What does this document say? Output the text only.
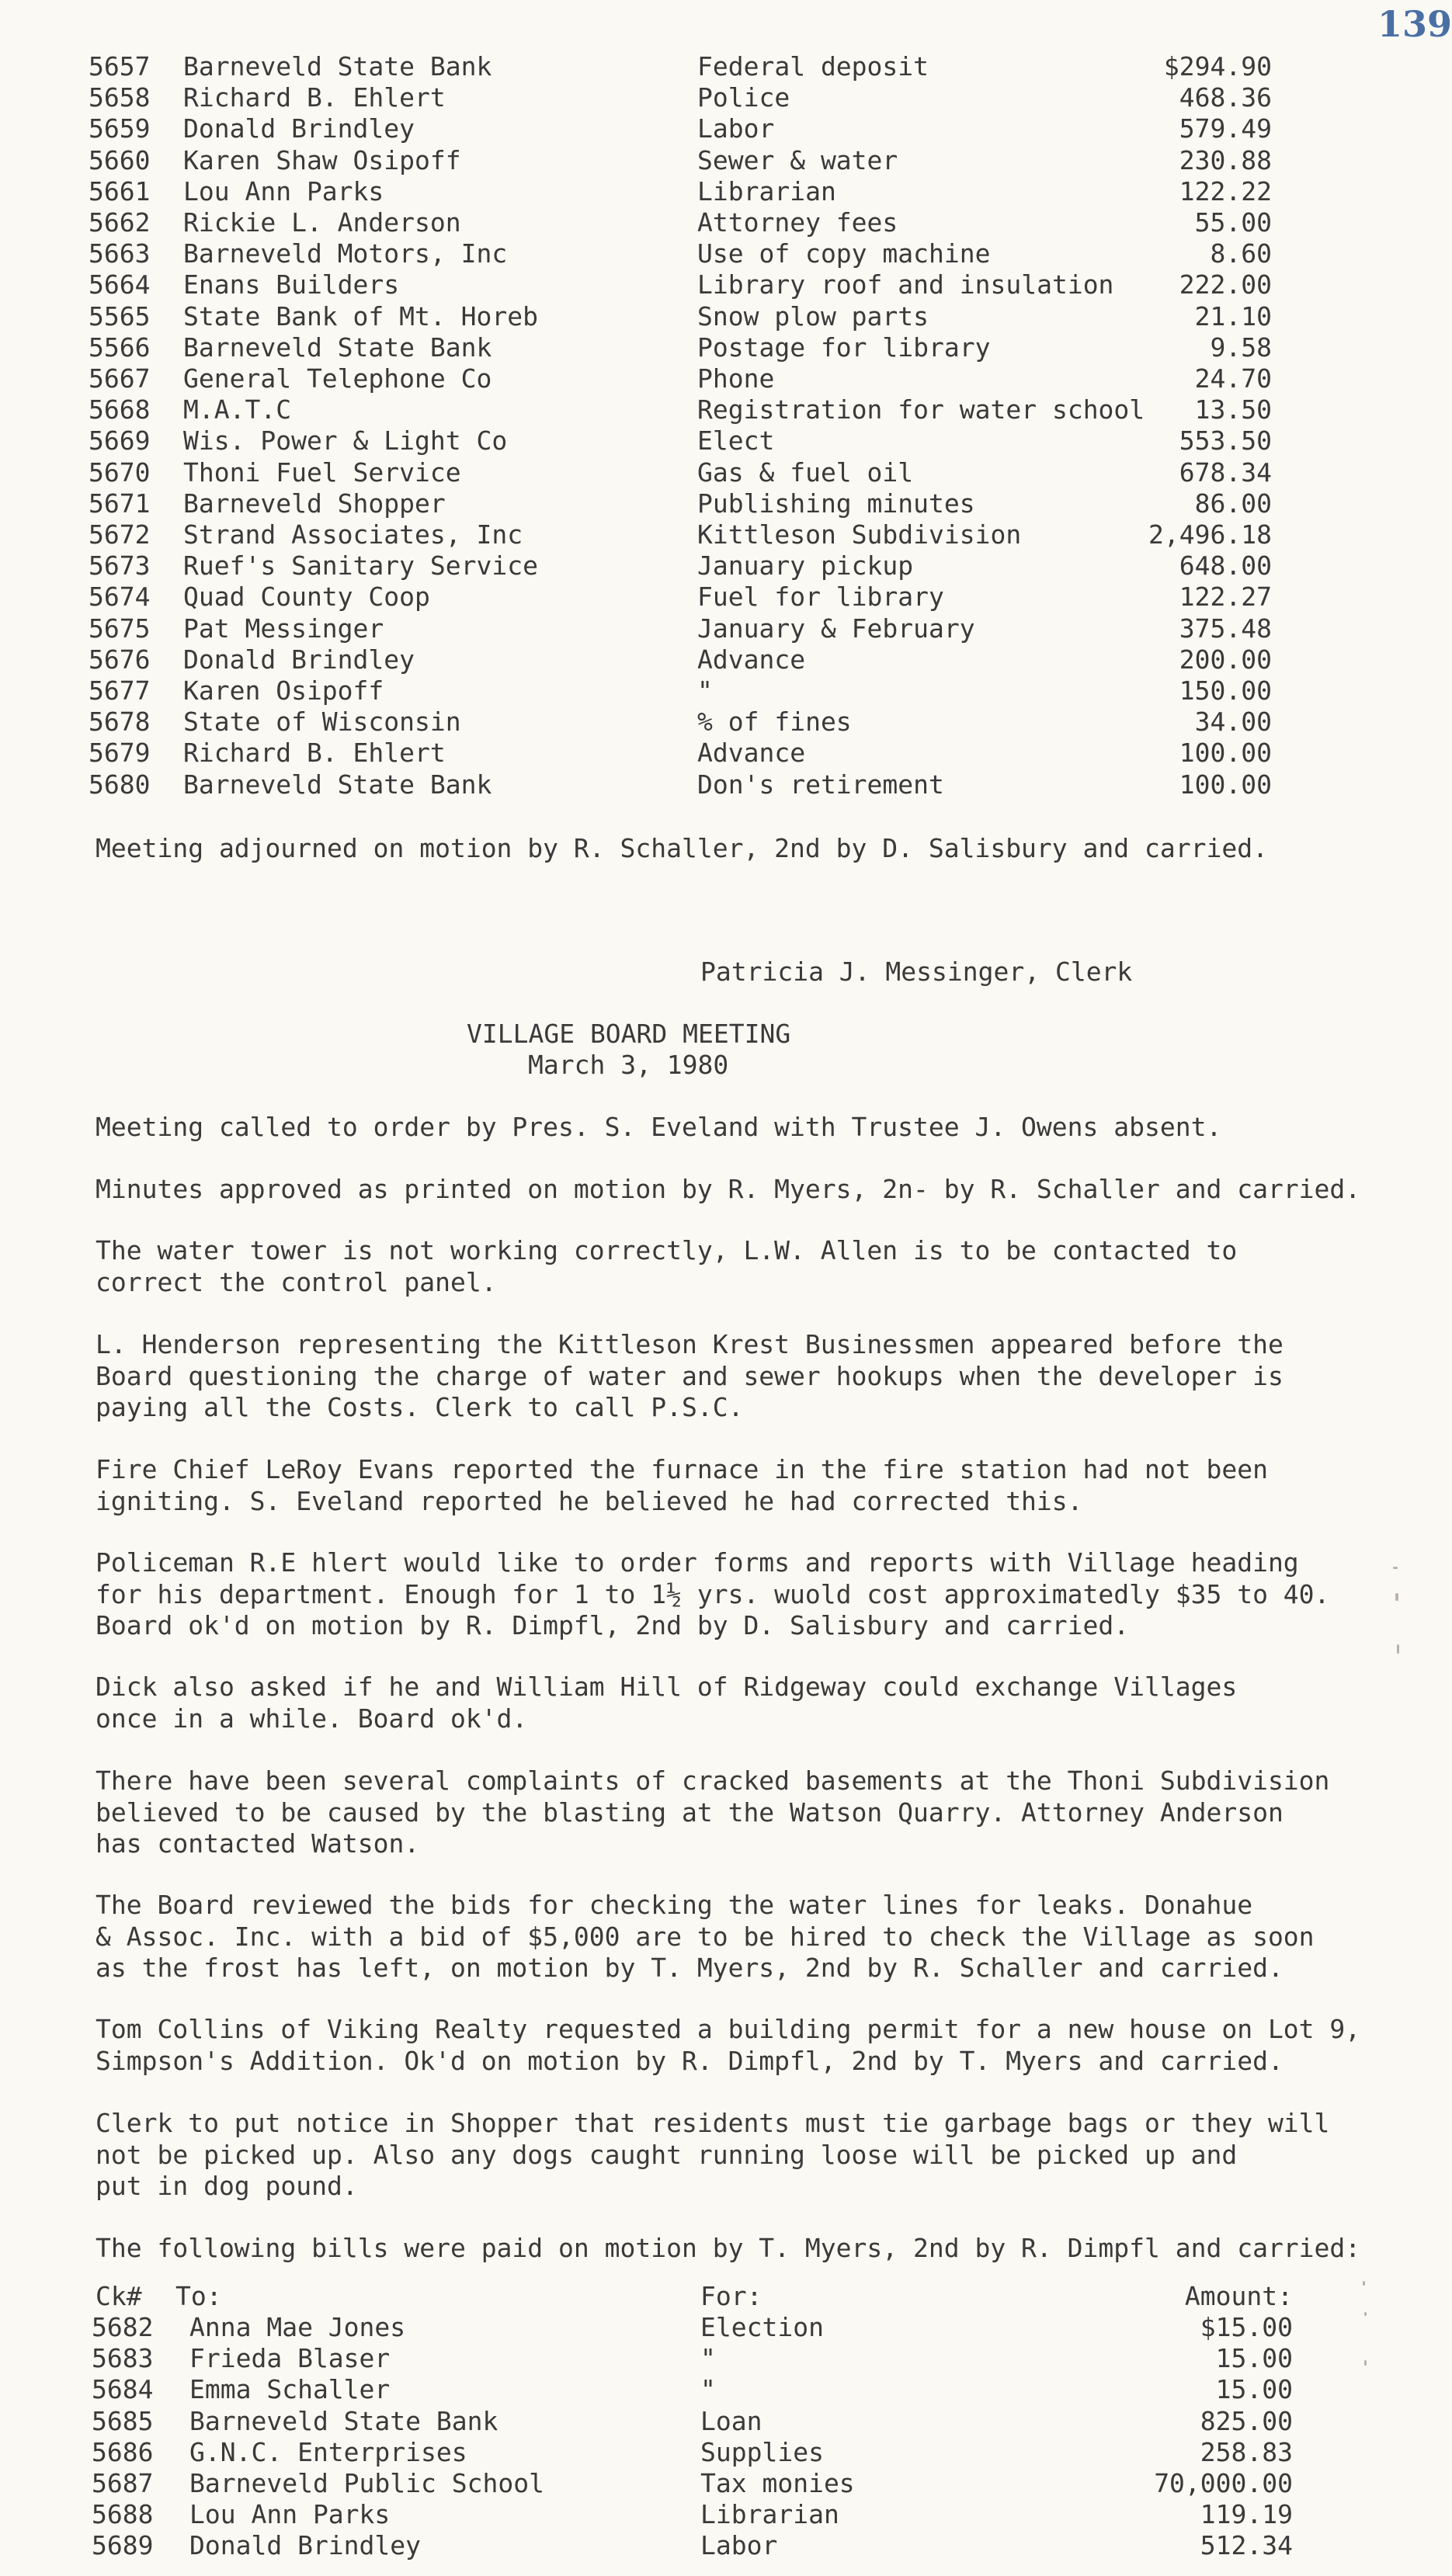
139
5657 Barneveld State Bank	Federal deposit	$294.90
5658 Richard B. Ehlert	Police	468.36
5659 Donald Brindley	Labor	579.49
5660 Karen Shaw Osipoff	Sewer & water	230.88
5661 Lou Ann Parks	Librarian	122.22
5662 Rickie L. Anderson	Attorney fees	55.00
5663 Barneveld Motors, Inc	Use of copy machine	8.60
5664 Enans Builders	Library roof and insulation	222.00
5565 State Bank of Mt. Horeb	Snow plow parts	21.10
5566 Barneveld State Bank	Postage for library	9.58
5667 General Telephone Co	Phone	24.70
5668 M.A.T.C	Registration for water school 13.50
5669 Wis. Power & Light Co	Elect	553.50
5670 Thoni Fuel Service	Gas & fuel oil	678.34
5671 Barneveld Shopper	Publishing minutes	86.00
5672 Strand Associates, Inc	Kittleson Subdivision	2,496.18
5673 Ruef's Sanitary Service	January pickup	648.00
5674 Quad County Coop	Fuel for library	122.27
5675 Pat Messinger	January & February	375.48
5676 Donald Brindley	Advance	200.00
5677 Karen Osipoff	"	150.00
5678 State of Wisconsin	% of fines	34.00
5679 Richard B. Ehlert	Advance	100.00
5680 Barneveld State Bank	Don's retirement	100.00

Meeting adjourned on motion by R. Schaller, 2nd by D. Salisbury and carried.

Patricia J. Messinger, Clerk
VILLAGE BOARD MEETING
March 3, 1980

Meeting called to order by Pres. S. Eveland with Trustee J. Owens absent.

Minutes approved as printed on motion by R. Myers, 2n- by R. Schaller and carried.

The water tower is not working correctly, L.W. Allen is to be contacted to
correct the control panel.

L. Henderson representing the Kittleson Krest Businessmen appeared before the
Board questioning the charge of water and sewer hookups when the developer is
paying all the Costs. Clerk to call P.S.C.

Fire Chief LeRoy Evans reported the furnace in the fire station had not been
igniting. S. Eveland reported he believed he had corrected this.

Policeman R.E hlert would like to order forms and reports with Village heading
for his department. Enough for 1 to 1½ yrs. wuold cost approximatedly $35 to 40.
Board ok'd on motion by R. Dimpfl, 2nd by D. Salisbury and carried.

Dick also asked if he and William Hill of Ridgeway could exchange Villages
once in a while. Board ok'd.

There have been several complaints of cracked basements at the Thoni Subdivision
believed to be caused by the blasting at the Watson Quarry. Attorney Anderson
has contacted Watson.

The Board reviewed the bids for checking the water lines for leaks. Donahue
& Assoc. Inc. with a bid of $5,000 are to be hired to check the Village as soon
as the frost has left, on motion by T. Myers, 2nd by R. Schaller and carried.

Tom Collins of Viking Realty requested a building permit for a new house on Lot 9,
Simpson's Addition. Ok'd on motion by R. Dimpfl, 2nd by T. Myers and carried.

Clerk to put notice in Shopper that residents must tie garbage bags or they will
not be picked up. Also any dogs caught running loose will be picked up and
put in dog pound.

The following bills were paid on motion by T. Myers, 2nd by R. Dimpfl and carried:

Ck# To:	For:	Amount:
5682 Anna Mae Jones	Election	$15.00
5683 Frieda Blaser	"	15.00
5684 Emma Schaller	"	15.00
5685 Barneveld State Bank	Loan	825.00
5686 G.N.C. Enterprises	Supplies	258.83
5687 Barneveld Public School	Tax monies	70,000.00
5688 Lou Ann Parks	Librarian	119.19
5689 Donald Brindley	Labor	512.34
